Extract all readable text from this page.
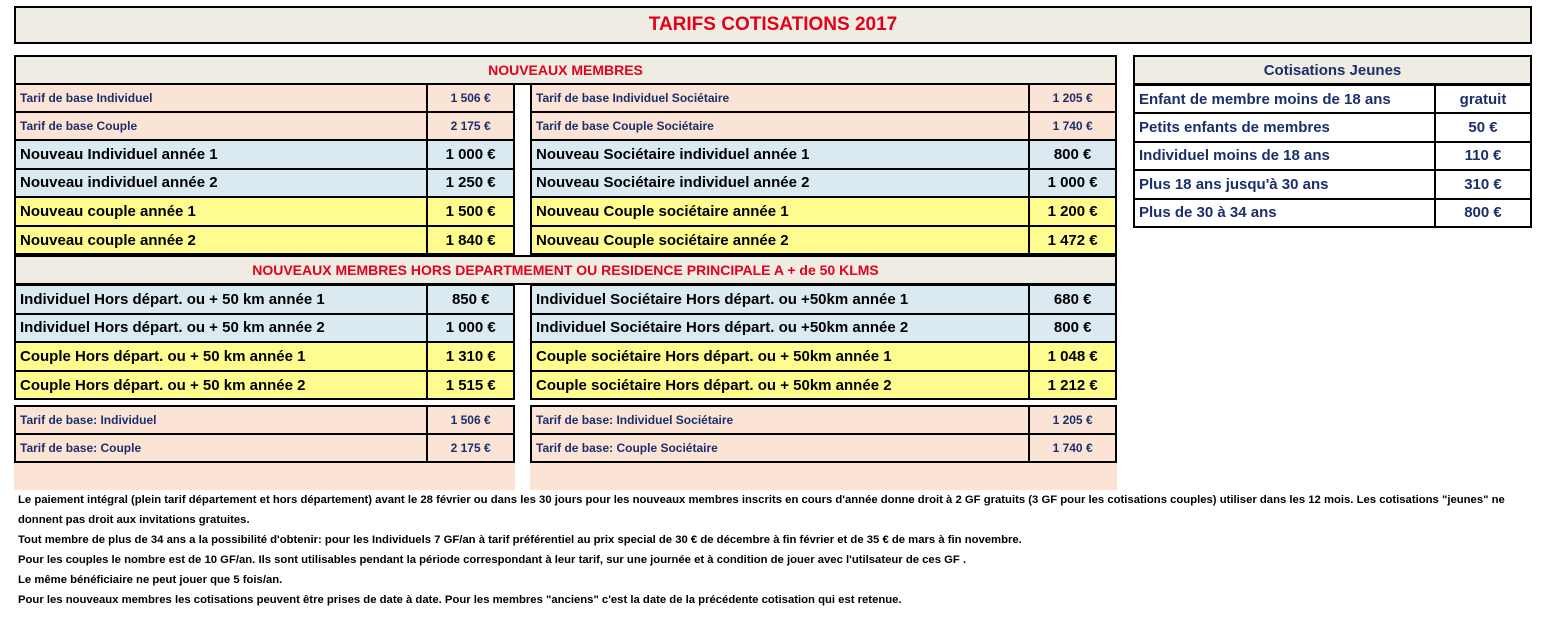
TARIFS COTISATIONS 2017
NOUVEAUX MEMBRES
Tarif de base Individuel	1 506 €
Tarif de base Couple	2 175 €
Nouveau Individuel année 1	1 000 €
Nouveau individuel année 2	1 250 €
Nouveau couple année 1	1 500 €
Nouveau couple année 2	1 840 €
Tarif de base Individuel Sociétaire	1 205 €
Tarif de base Couple Sociétaire	1 740 €
Nouveau Sociétaire individuel année 1	800 €
Nouveau Sociétaire individuel année 2	1 000 €
Nouveau Couple sociétaire année 1	1 200 €
Nouveau Couple sociétaire année 2	1 472 €
NOUVEAUX MEMBRES HORS DEPARTMEMENT OU RESIDENCE PRINCIPALE A + de 50 KLMS
Individuel Hors départ. ou + 50 km année 1	850 €
Individuel Hors départ. ou + 50 km année 2	1 000 €
Couple Hors départ. ou + 50 km année 1	1 310 €
Couple Hors départ. ou + 50 km année 2	1 515 €
Individuel Sociétaire Hors départ. ou +50km année 1	680 €
Individuel Sociétaire Hors départ. ou +50km année 2	800 €
Couple sociétaire Hors départ. ou + 50km année 1	1 048 €
Couple sociétaire Hors départ. ou + 50km année 2	1 212 €
Tarif de base: Individuel	1 506 €
Tarif de base: Couple	2 175 €
Tarif de base: Individuel Sociétaire	1 205 €
Tarif de base: Couple Sociétaire	1 740 €
Cotisations Jeunes
Enfant de membre moins de 18 ans	gratuit
Petits enfants de membres	50 €
Individuel moins de 18 ans	110 €
Plus 18 ans jusqu'à 30 ans	310 €
Plus de 30 à 34 ans	800 €

Le paiement intégral (plein tarif département et hors département) avant le 28 février ou dans les 30 jours pour les nouveaux membres inscrits en cours d'année donne droit à 2 GF gratuits (3 GF pour les cotisations couples) utiliser dans les 12 mois. Les cotisations "jeunes" ne donnent pas droit aux invitations gratuites.

Tout membre de plus de 34 ans a la possibilité d'obtenir: pour les Individuels 7 GF/an à tarif préférentiel au prix special de 30 € de décembre à fin février et de 35 € de mars à fin novembre.

Pour les couples le nombre est de 10 GF/an. Ils sont utilisables pendant la période correspondant à leur tarif, sur une journée et à condition de jouer avec l'utilsateur de ces GF .

Le même bénéficiaire ne peut jouer que 5 fois/an.

Pour les nouveaux membres les cotisations peuvent être prises de date à date. Pour les membres "anciens" c'est la date de la précédente cotisation qui est retenue.
